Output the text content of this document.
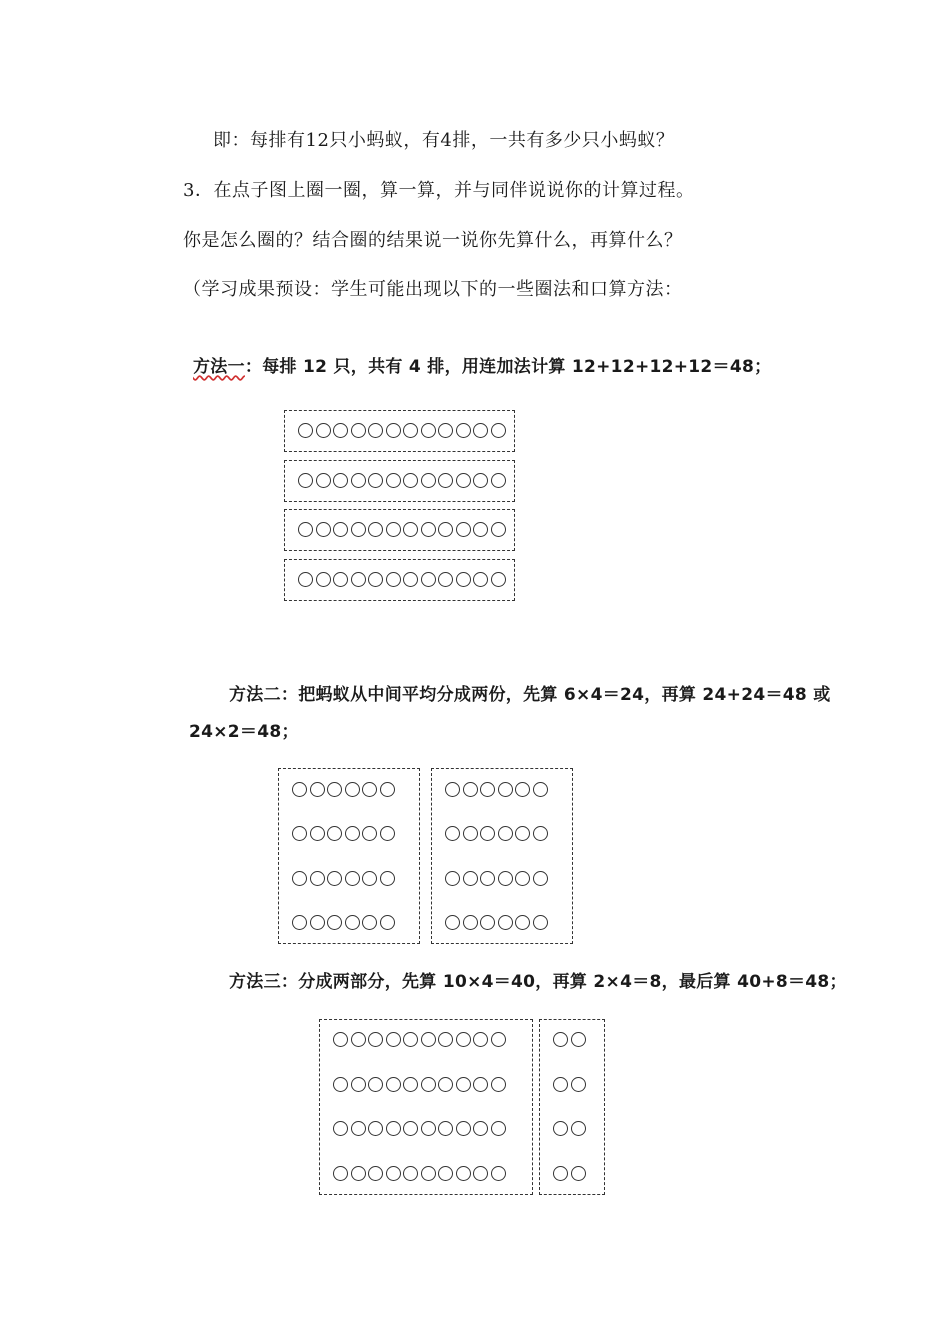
即：每排有12只小蚂蚁，有4排，一共有多少只小蚂蚁？
3．在点子图上圈一圈，算一算，并与同伴说说你的计算过程。
你是怎么圈的？结合圈的结果说一说你先算什么，再算什么？
（学习成果预设：学生可能出现以下的一些圈法和口算方法：
方法一：每排 12 只，共有 4 排，用连加法计算 12+12+12+12＝48；
方法二：把蚂蚁从中间平均分成两份，先算 6×4＝24，再算 24+24＝48 或
24×2＝48；
方法三：分成两部分，先算 10×4＝40，再算 2×4＝8，最后算 40+8＝48；
